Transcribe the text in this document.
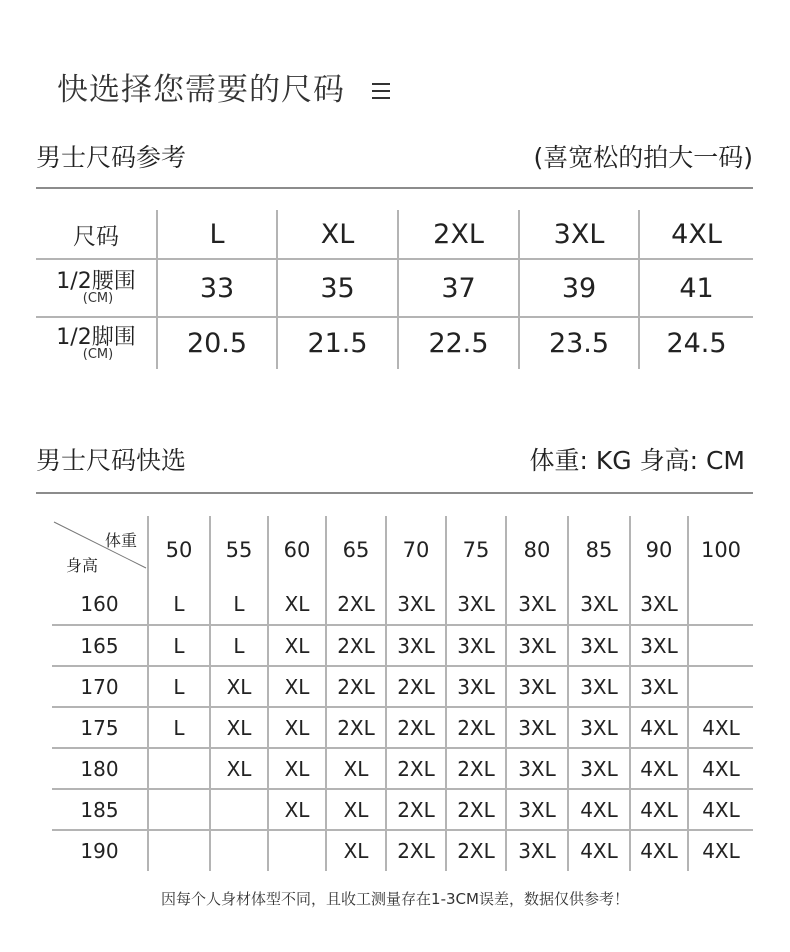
快选择您需要的尺码
男士尺码参考	(喜宽松的拍大一码)
尺码	L	XL	2XL	3XL	4XL

1/2腰围
(CM)	33	35	37	39	41

1/2脚围
(CM)	20.5	21.5	22.5	23.5	24.5
男士尺码快选	体重: KG 身高: CM
体重
身高	50	55	60	65	70	75	80	85	90	100
160	L	L	XL	2XL	3XL	3XL	3XL	3XL	3XL	
165	L	L	XL	2XL	3XL	3XL	3XL	3XL	3XL	
170	L	XL	XL	2XL	2XL	3XL	3XL	3XL	3XL	
175	L	XL	XL	2XL	2XL	2XL	3XL	3XL	4XL	4XL
180		XL	XL	XL	2XL	2XL	3XL	3XL	4XL	4XL
185			XL	XL	2XL	2XL	3XL	4XL	4XL	4XL
190				XL	2XL	2XL	3XL	4XL	4XL	4XL
因每个人身材体型不同，且收工测量存在1-3CM误差，数据仅供参考！
